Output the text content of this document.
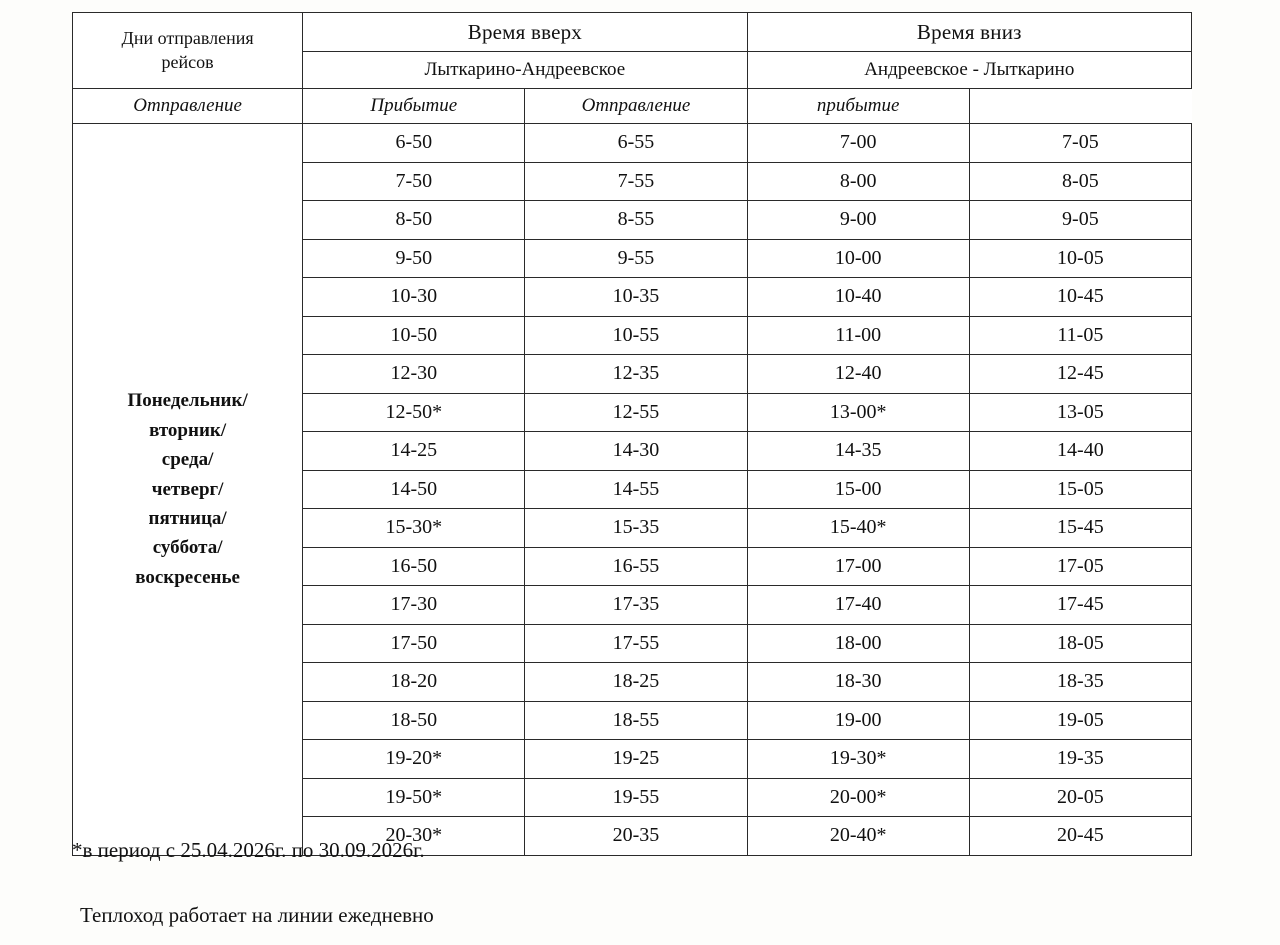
Дни отправления
рейсов	Время вверх		Время вниз	
	Лыткарино-Андреевское		Андреевское - Лыткарино	
Отправление	Прибытие	Отправление	прибытие	

Понедельник/
вторник/
среда/
четверг/
пятница/
суббота/
воскресенье
	6-50	6-55	7-00	7-05
	7-50	7-55	8-00	8-05
	8-50	8-55	9-00	9-05
	9-50	9-55	10-00	10-05
	10-30	10-35	10-40	10-45
	10-50	10-55	11-00	11-05
	12-30	12-35	12-40	12-45
	12-50*	12-55	13-00*	13-05
	14-25	14-30	14-35	14-40
	14-50	14-55	15-00	15-05
	15-30*	15-35	15-40*	15-45
	16-50	16-55	17-00	17-05
	17-30	17-35	17-40	17-45
	17-50	17-55	18-00	18-05
	18-20	18-25	18-30	18-35
	18-50	18-55	19-00	19-05
	19-20*	19-25	19-30*	19-35
	19-50*	19-55	20-00*	20-05
	20-30*	20-35	20-40*	20-45
*в период с 25.04.2026г. по 30.09.2026г.
Теплоход работает на линии ежедневно
